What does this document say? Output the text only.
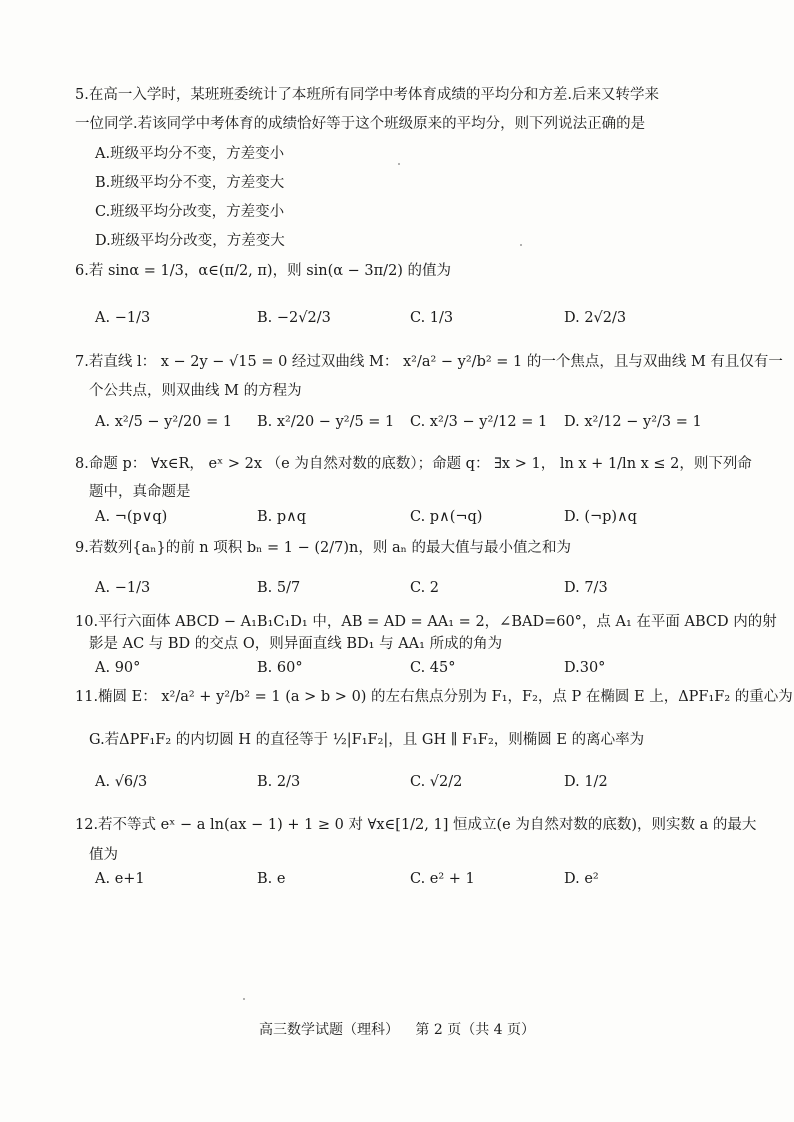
5.在高一入学时，某班班委统计了本班所有同学中考体育成绩的平均分和方差.后来又转学来
一位同学.若该同学中考体育的成绩恰好等于这个班级原来的平均分，则下列说法正确的是
A.班级平均分不变，方差变小
B.班级平均分不变，方差变大
C.班级平均分改变，方差变小
D.班级平均分改变，方差变大
6.若 sinα = 1/3，α∈(π/2, π)，则 sin(α − 3π/2) 的值为
A. −1/3	B. −2√2/3	C. 1/3	D. 2√2/3
7.若直线 l： x − 2y − √15 = 0 经过双曲线 M： x²/a² − y²/b² = 1 的一个焦点，且与双曲线 M 有且仅有一
个公共点，则双曲线 M 的方程为
A. x²/5 − y²/20 = 1 B. x²/20 − y²/5 = 1 C. x²/3 − y²/12 = 1 D. x²/12 − y²/3 = 1
8.命题 p： ∀x∈R， eˣ > 2x （e 为自然对数的底数）；命题 q： ∃x > 1， ln x + 1/ln x ≤ 2，则下列命
题中，真命题是
A. ¬(p∨q)	B. p∧q	C. p∧(¬q)	D. (¬p)∧q
9.若数列{aₙ}的前 n 项积 bₙ = 1 − (2/7)n，则 aₙ 的最大值与最小值之和为
A. −1/3	B. 5/7	C. 2	D. 7/3
10.平行六面体 ABCD − A₁B₁C₁D₁ 中，AB = AD = AA₁ = 2，∠BAD=60°，点 A₁ 在平面 ABCD 内的射
影是 AC 与 BD 的交点 O，则异面直线 BD₁ 与 AA₁ 所成的角为
A. 90°	B. 60°	C. 45°	D.30°
11.椭圆 E： x²/a² + y²/b² = 1 (a > b > 0) 的左右焦点分别为 F₁，F₂，点 P 在椭圆 E 上，ΔPF₁F₂ 的重心为
G.若ΔPF₁F₂ 的内切圆 H 的直径等于 ½|F₁F₂|，且 GH ∥ F₁F₂，则椭圆 E 的离心率为
A. √6/3	B. 2/3	C. √2/2	D. 1/2
12.若不等式 eˣ − a ln(ax − 1) + 1 ≥ 0 对 ∀x∈[1/2, 1] 恒成立(e 为自然对数的底数)，则实数 a 的最大
值为
A. e+1	B. e	C. e² + 1	D. e²
高三数学试题（理科） 第 2 页（共 4 页）
